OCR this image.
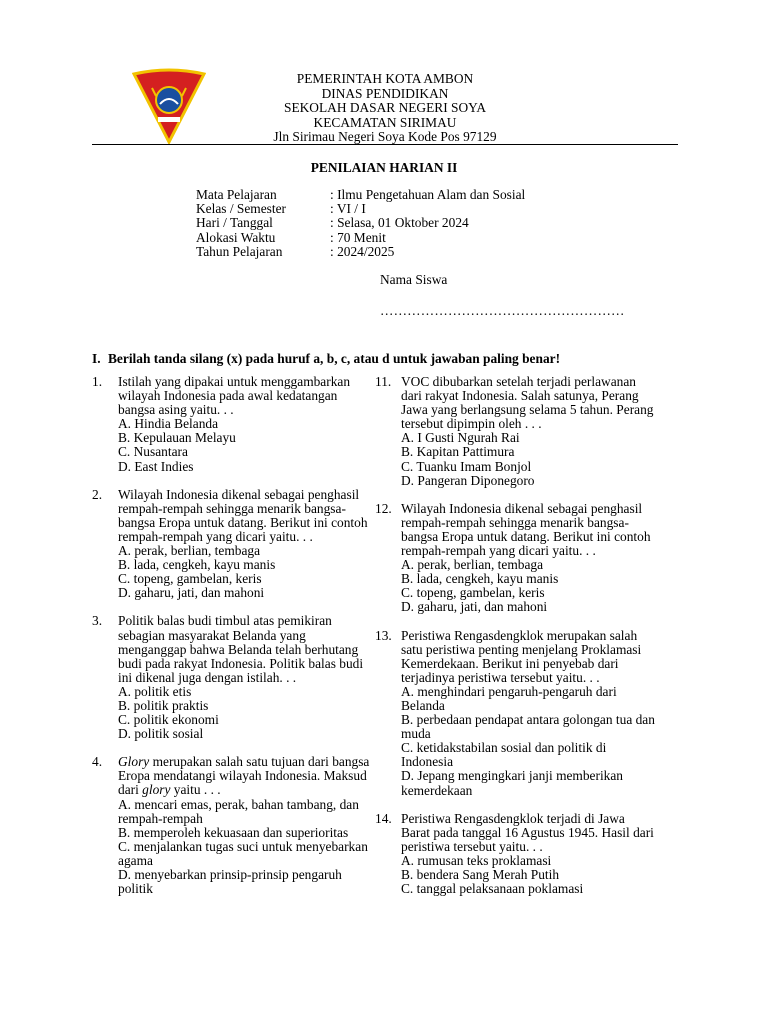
PEMERINTAH KOTA AMBON
DINAS PENDIDIKAN
SEKOLAH DASAR NEGERI SOYA
KECAMATAN SIRIMAU
Jln Sirimau Negeri Soya Kode Pos 97129
PENILAIAN HARIAN II
Mata Pelajaran	: Ilmu Pengetahuan Alam dan Sosial
Kelas / Semester	: VI / I
Hari / Tanggal	: Selasa, 01 Oktober 2024
Alokasi Waktu	: 70 Menit
Tahun Pelajaran	: 2024/2025
Nama Siswa
………………………………………………
I. Berilah tanda silang (x) pada huruf a, b, c, atau d untuk jawaban paling benar!
1.	Istilah yang dipakai untuk menggambarkan wilayah Indonesia pada awal kedatangan bangsa asing yaitu. . .
A. Hindia Belanda
B. Kepulauan Melayu
C. Nusantara
D. East Indies
2.	Wilayah Indonesia dikenal sebagai penghasil rempah-rempah sehingga menarik bangsa-bangsa Eropa untuk datang. Berikut ini contoh rempah-rempah yang dicari yaitu. . .
A. perak, berlian, tembaga
B. lada, cengkeh, kayu manis
C. topeng, gambelan, keris
D. gaharu, jati, dan mahoni
3.	Politik balas budi timbul atas pemikiran sebagian masyarakat Belanda yang menganggap bahwa Belanda telah berhutang budi pada rakyat Indonesia. Politik balas budi ini dikenal juga dengan istilah. . .
A. politik etis
B. politik praktis
C. politik ekonomi
D. politik sosial
4.	Glory merupakan salah satu tujuan dari bangsa Eropa mendatangi wilayah Indonesia. Maksud dari glory yaitu . . .
A. mencari emas, perak, bahan tambang, dan rempah-rempah
B. memperoleh kekuasaan dan superioritas
C. menjalankan tugas suci untuk menyebarkan agama
D. menyebarkan prinsip-prinsip pengaruh politik
11. VOC dibubarkan setelah terjadi perlawanan dari rakyat Indonesia. Salah satunya, Perang Jawa yang berlangsung selama 5 tahun. Perang tersebut dipimpin oleh . . .
A. I Gusti Ngurah Rai
B. Kapitan Pattimura
C. Tuanku Imam Bonjol
D. Pangeran Diponegoro
12. Wilayah Indonesia dikenal sebagai penghasil rempah-rempah sehingga menarik bangsa-bangsa Eropa untuk datang. Berikut ini contoh rempah-rempah yang dicari yaitu. . .
A. perak, berlian, tembaga
B. lada, cengkeh, kayu manis
C. topeng, gambelan, keris
D. gaharu, jati, dan mahoni
13. Peristiwa Rengasdengklok merupakan salah satu peristiwa penting menjelang Proklamasi Kemerdekaan. Berikut ini penyebab dari terjadinya peristiwa tersebut yaitu. . .
A. menghindari pengaruh-pengaruh dari Belanda
B. perbedaan pendapat antara golongan tua dan muda
C. ketidakstabilan sosial dan politik di Indonesia
D. Jepang mengingkari janji memberikan kemerdekaan
14. Peristiwa Rengasdengklok terjadi di Jawa Barat pada tanggal 16 Agustus 1945. Hasil dari peristiwa tersebut yaitu. . .
A. rumusan teks proklamasi
B. bendera Sang Merah Putih
C. tanggal pelaksanaan poklamasi
